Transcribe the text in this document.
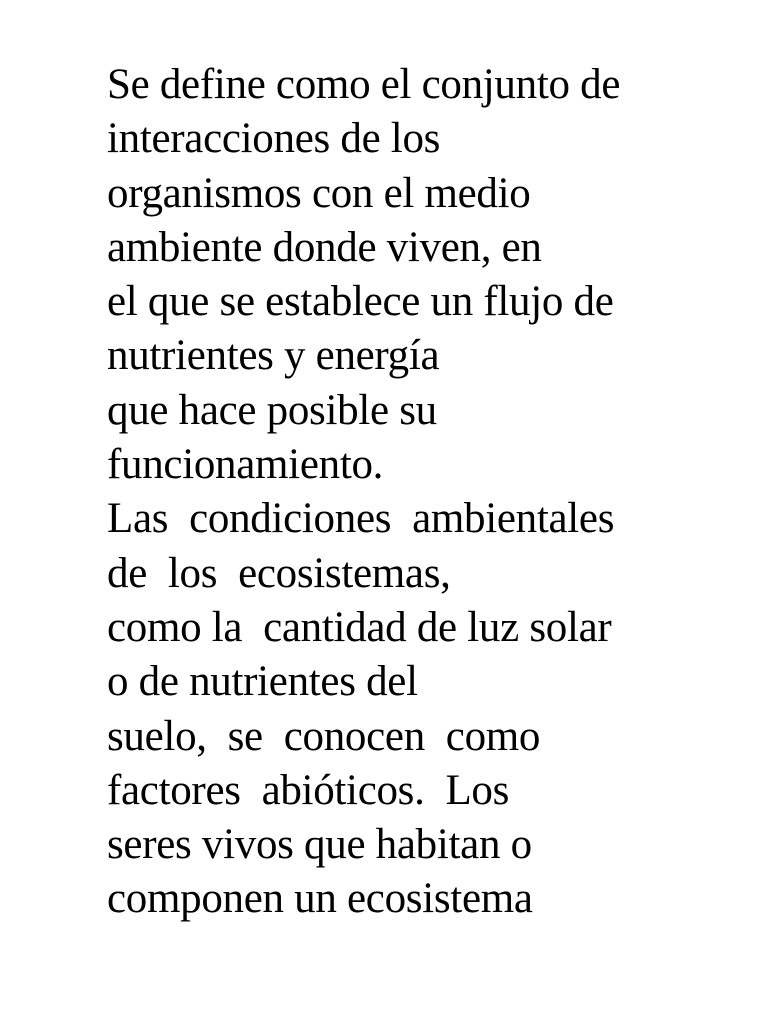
Se define como el conjunto de

interacciones de los

organismos con el medio

ambiente donde viven, en

el que se establece un flujo de

nutrientes y energía

que hace posible su

funcionamiento.

Las  condiciones  ambientales

de  los  ecosistemas,

como la  cantidad de luz solar

o de nutrientes del

suelo,  se  conocen  como

factores  abióticos.  Los

seres vivos que habitan o

componen un ecosistema
